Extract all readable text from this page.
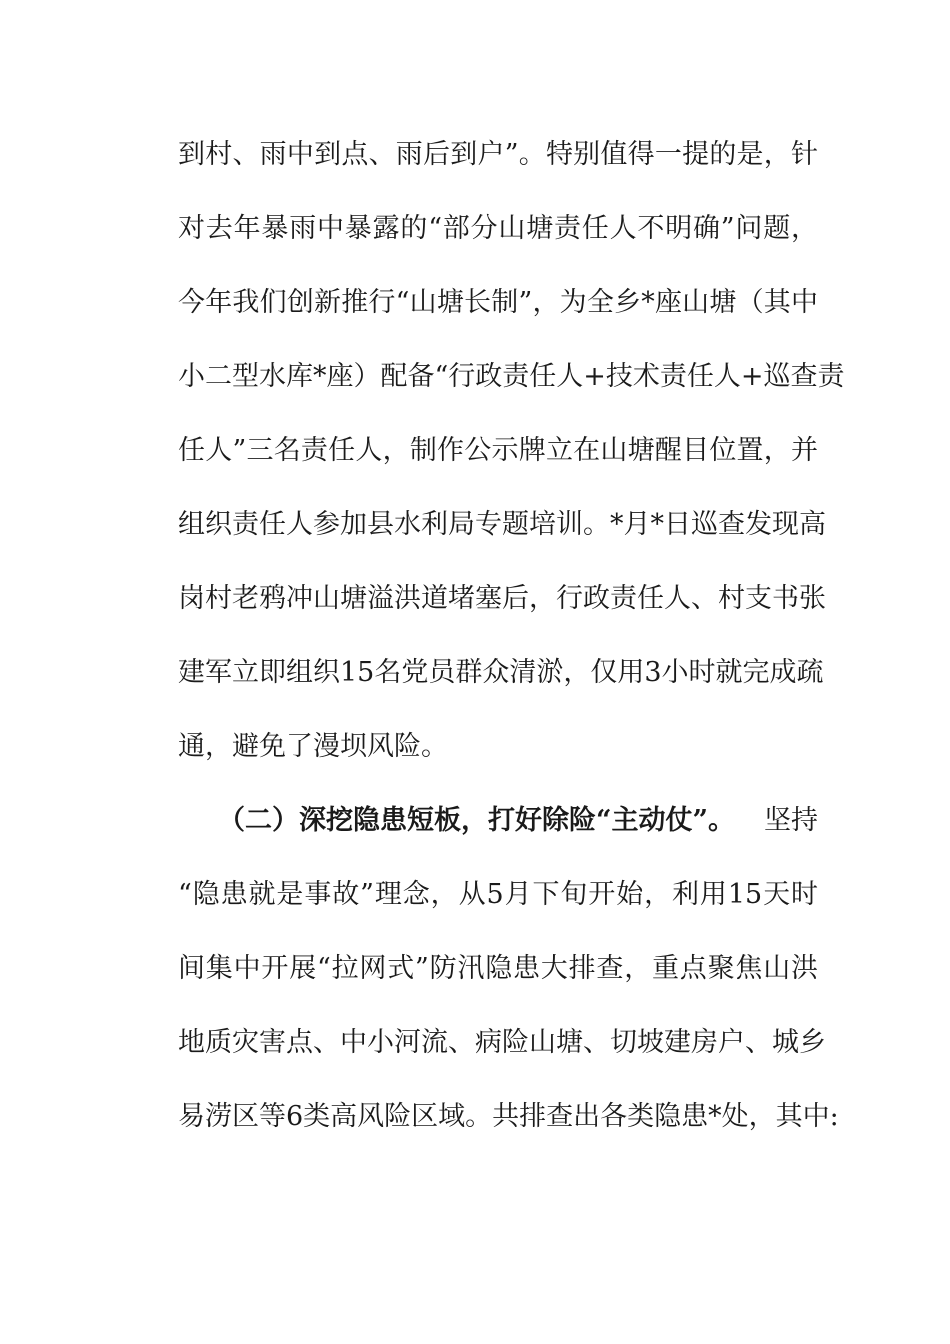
到村、雨中到点、雨后到户”。特别值得一提的是，针
对去年暴雨中暴露的“部分山塘责任人不明确”问题，
今年我们创新推行“山塘长制”，为全乡*座山塘（其中
小二型水库*座）配备“行政责任人+技术责任人+巡查责
任人”三名责任人，制作公示牌立在山塘醒目位置，并
组织责任人参加县水利局专题培训。*月*日巡查发现高
岗村老鸦冲山塘溢洪道堵塞后，行政责任人、村支书张
建军立即组织15名党员群众清淤，仅用3小时就完成疏
通，避免了漫坝风险。
（二）深挖隐患短板，打好除险“主动仗”。 坚持
“隐患就是事故”理念，从5月下旬开始，利用15天时
间集中开展“拉网式”防汛隐患大排查，重点聚焦山洪
地质灾害点、中小河流、病险山塘、切坡建房户、城乡
易涝区等6类高风险区域。共排查出各类隐患*处，其中:
